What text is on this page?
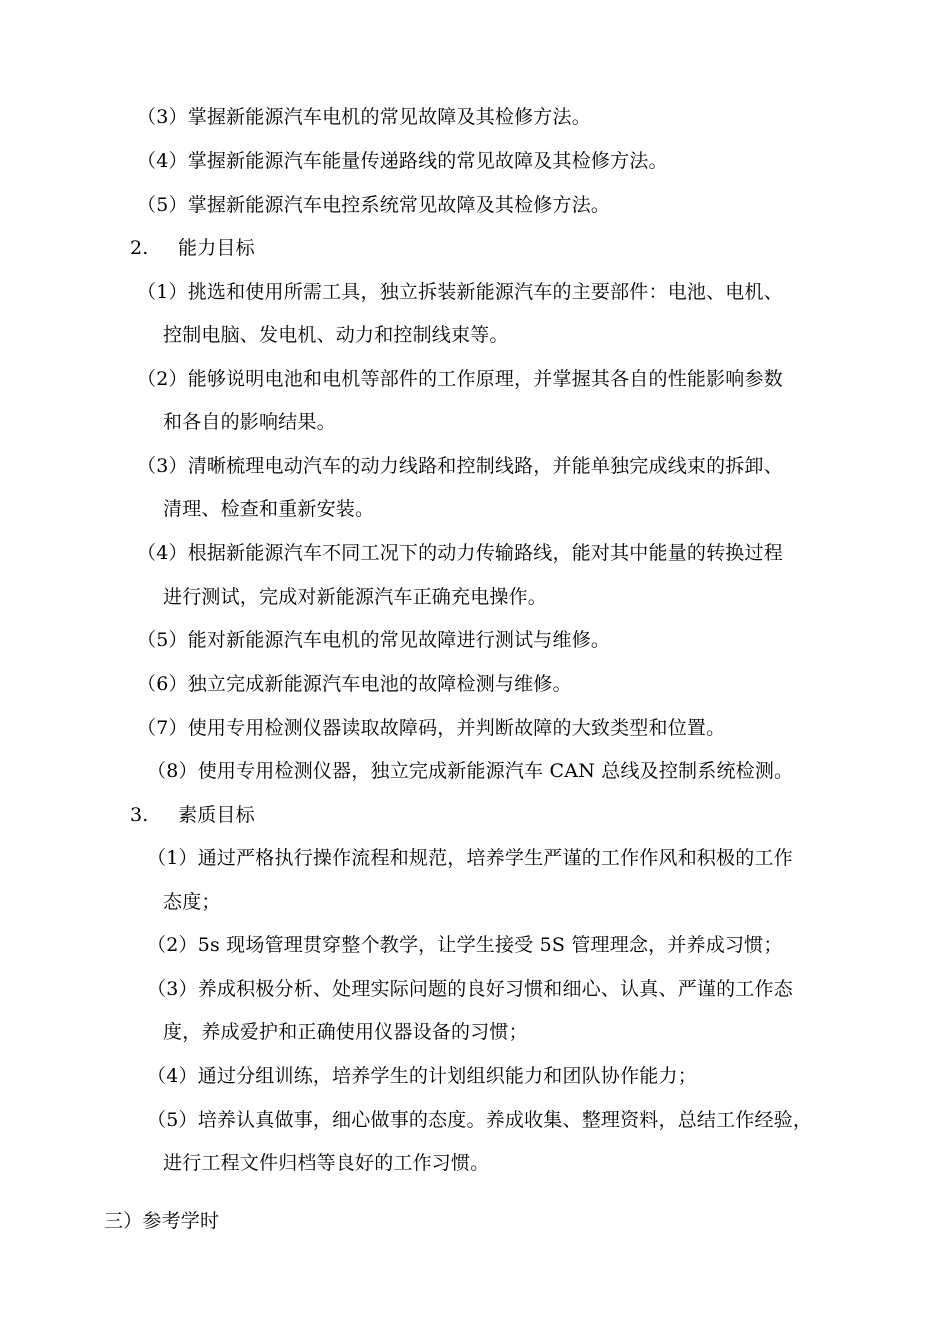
（3）掌握新能源汽车电机的常见故障及其检修方法。
（4）掌握新能源汽车能量传递路线的常见故障及其检修方法。
（5）掌握新能源汽车电控系统常见故障及其检修方法。
2. 能力目标
（1）挑选和使用所需工具，独立拆装新能源汽车的主要部件：电池、电机、
控制电脑、发电机、动力和控制线束等。
（2）能够说明电池和电机等部件的工作原理，并掌握其各自的性能影响参数
和各自的影响结果。
（3）清晰梳理电动汽车的动力线路和控制线路，并能单独完成线束的拆卸、
清理、检查和重新安装。
（4）根据新能源汽车不同工况下的动力传输路线，能对其中能量的转换过程
进行测试，完成对新能源汽车正确充电操作。
（5）能对新能源汽车电机的常见故障进行测试与维修。
（6）独立完成新能源汽车电池的故障检测与维修。
（7）使用专用检测仪器读取故障码，并判断故障的大致类型和位置。
（8）使用专用检测仪器，独立完成新能源汽车 CAN 总线及控制系统检测。
3. 素质目标
（1）通过严格执行操作流程和规范，培养学生严谨的工作作风和积极的工作
态度；
（2）5s 现场管理贯穿整个教学，让学生接受 5S 管理理念，并养成习惯；
（3）养成积极分析、处理实际问题的良好习惯和细心、认真、严谨的工作态
度，养成爱护和正确使用仪器设备的习惯；
（4）通过分组训练，培养学生的计划组织能力和团队协作能力；
（5）培养认真做事，细心做事的态度。养成收集、整理资料，总结工作经验，
进行工程文件归档等良好的工作习惯。
三）参考学时
